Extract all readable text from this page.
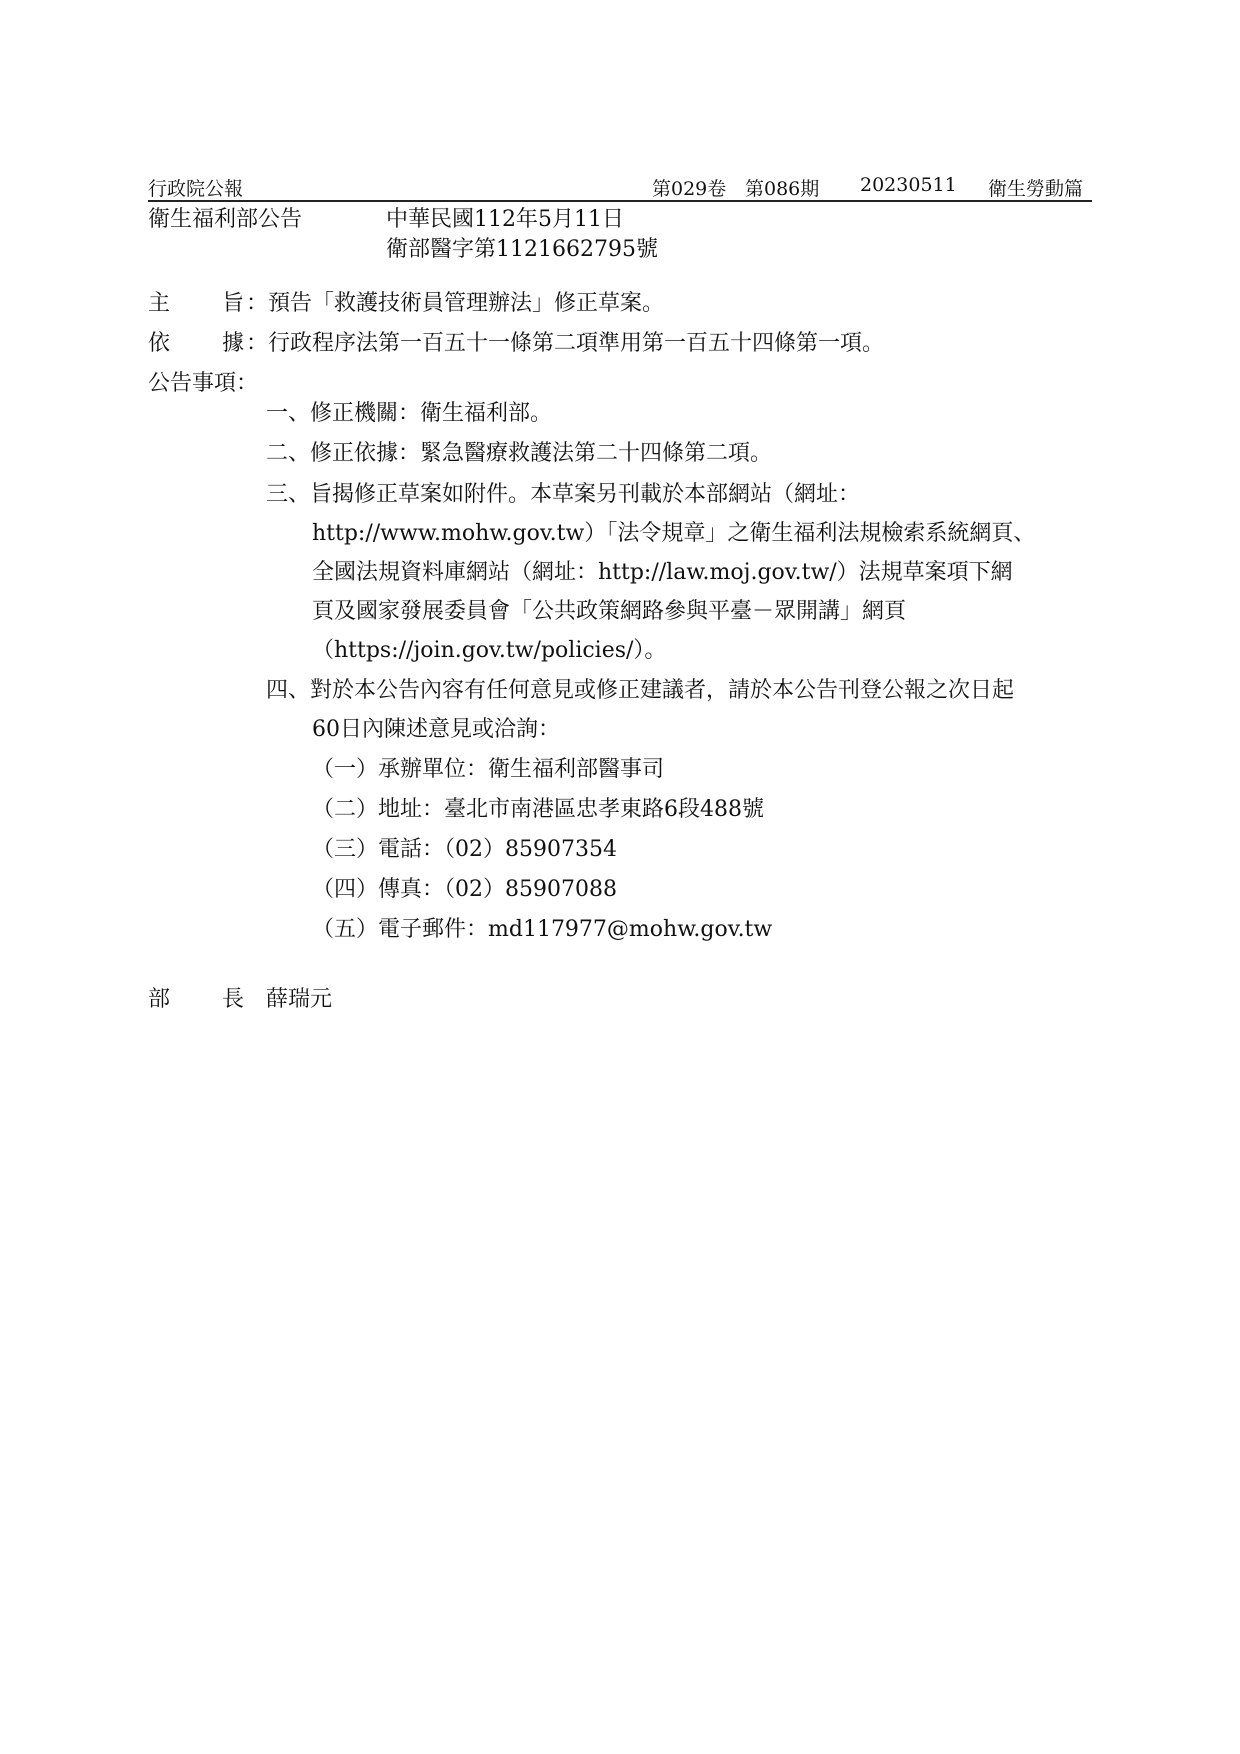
行政院公報	第029卷 第086期 20230511 衛生勞動篇
衛生福利部公告	中華民國112年5月11日
衛部醫字第1121662795號
主 旨 ： 預告「救護技術員管理辦法」修正草案。
依 據 ： 行政程序法第一百五十一條第二項準用第一百五十四條第一項。
公告事項：
一、修正機關：衛生福利部。
二、修正依據：緊急醫療救護法第二十四條第二項。
三、旨揭修正草案如附件。本草案另刊載於本部網站（網址：
http://www.mohw.gov.tw）「法令規章」之衛生福利法規檢索系統網頁、
全國法規資料庫網站（網址：http://law.moj.gov.tw/）法規草案項下網
頁及國家發展委員會「公共政策網路參與平臺－眾開講」網頁
（https://join.gov.tw/policies/）。
四、對於本公告內容有任何意見或修正建議者，請於本公告刊登公報之次日起
60日內陳述意見或洽詢：
（一）承辦單位：衛生福利部醫事司
（二）地址：臺北市南港區忠孝東路6段488號
（三）電話：（02）85907354
（四）傳真：（02）85907088
（五）電子郵件：md117977@mohw.gov.tw
部 長 薛瑞元
